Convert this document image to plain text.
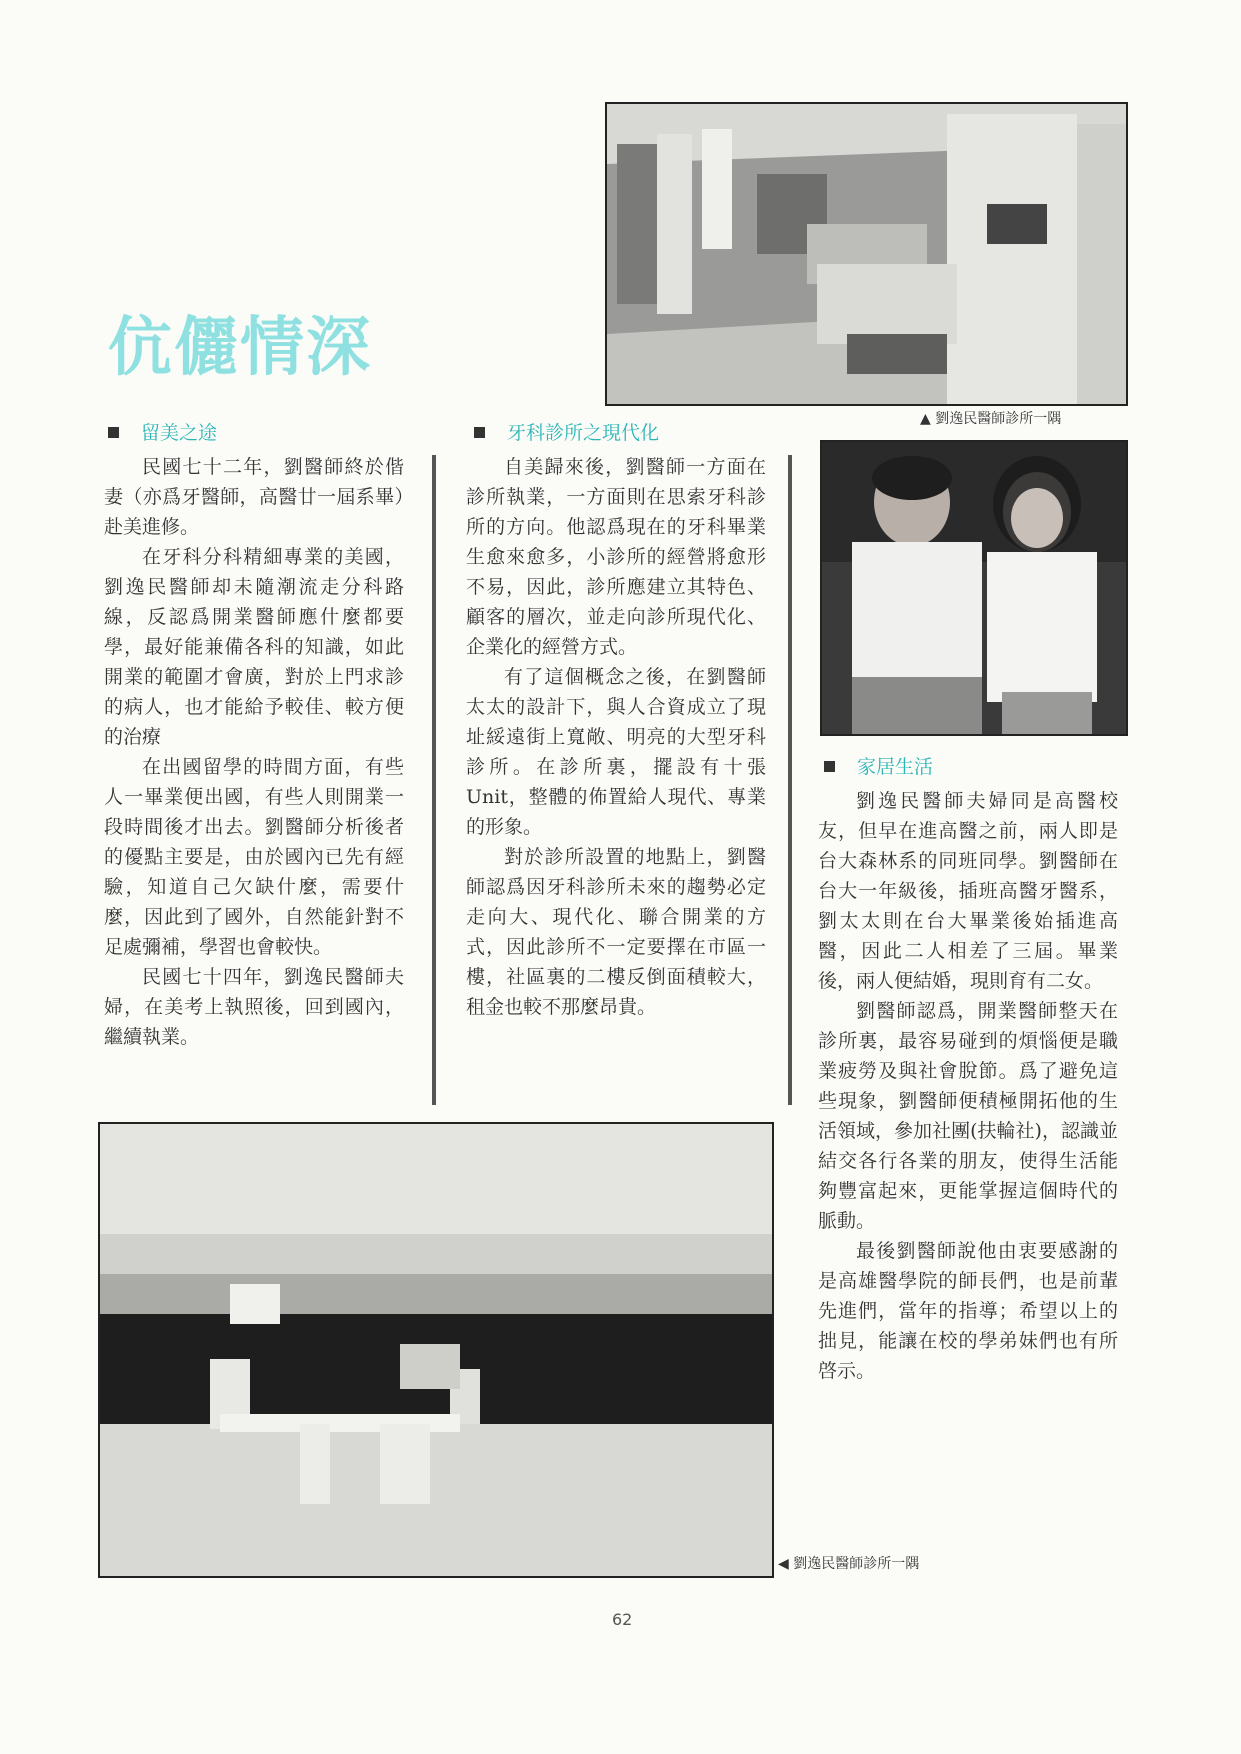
▲ 劉逸民醫師診所一隅
伉儷情深
留美之途

民國七十二年，劉醫師終於偕妻（亦爲牙醫師，高醫廿一屆系畢）赴美進修。

在牙科分科精細專業的美國，劉逸民醫師却未隨潮流走分科路線，反認爲開業醫師應什麼都要學，最好能兼備各科的知識，如此開業的範圍才會廣，對於上門求診的病人，也才能給予較佳、較方便的治療

在出國留學的時間方面，有些人一畢業便出國，有些人則開業一段時間後才出去。劉醫師分析後者的優點主要是，由於國內已先有經驗，知道自己欠缺什麼，需要什麼，因此到了國外，自然能針對不足處彌補，學習也會較快。

民國七十四年，劉逸民醫師夫婦，在美考上執照後，回到國內，繼續執業。

牙科診所之現代化

自美歸來後，劉醫師一方面在診所執業，一方面則在思索牙科診所的方向。他認爲現在的牙科畢業生愈來愈多，小診所的經營將愈形不易，因此，診所應建立其特色、顧客的層次，並走向診所現代化、企業化的經營方式。

有了這個概念之後，在劉醫師太太的設計下，與人合資成立了現址綏遠街上寬敞、明亮的大型牙科診所。在診所裏，擺設有十張Unit，整體的佈置給人現代、專業的形象。

對於診所設置的地點上，劉醫師認爲因牙科診所未來的趨勢必定走向大、現代化、聯合開業的方式，因此診所不一定要擇在市區一樓，社區裏的二樓反倒面積較大，租金也較不那麼昂貴。

家居生活

劉逸民醫師夫婦同是高醫校友，但早在進高醫之前，兩人即是台大森林系的同班同學。劉醫師在台大一年級後，插班高醫牙醫系，劉太太則在台大畢業後始插進高醫，因此二人相差了三屆。畢業後，兩人便結婚，現則育有二女。

劉醫師認爲，開業醫師整天在診所裏，最容易碰到的煩惱便是職業疲勞及與社會脫節。爲了避免這些現象，劉醫師便積極開拓他的生活領域，參加社團(扶輪社)，認識並結交各行各業的朋友，使得生活能夠豐富起來，更能掌握這個時代的脈動。

最後劉醫師說他由衷要感謝的是高雄醫學院的師長們，也是前輩先進們，當年的指導；希望以上的拙見，能讓在校的學弟妹們也有所啓示。

◀ 劉逸民醫師診所一隅
62
